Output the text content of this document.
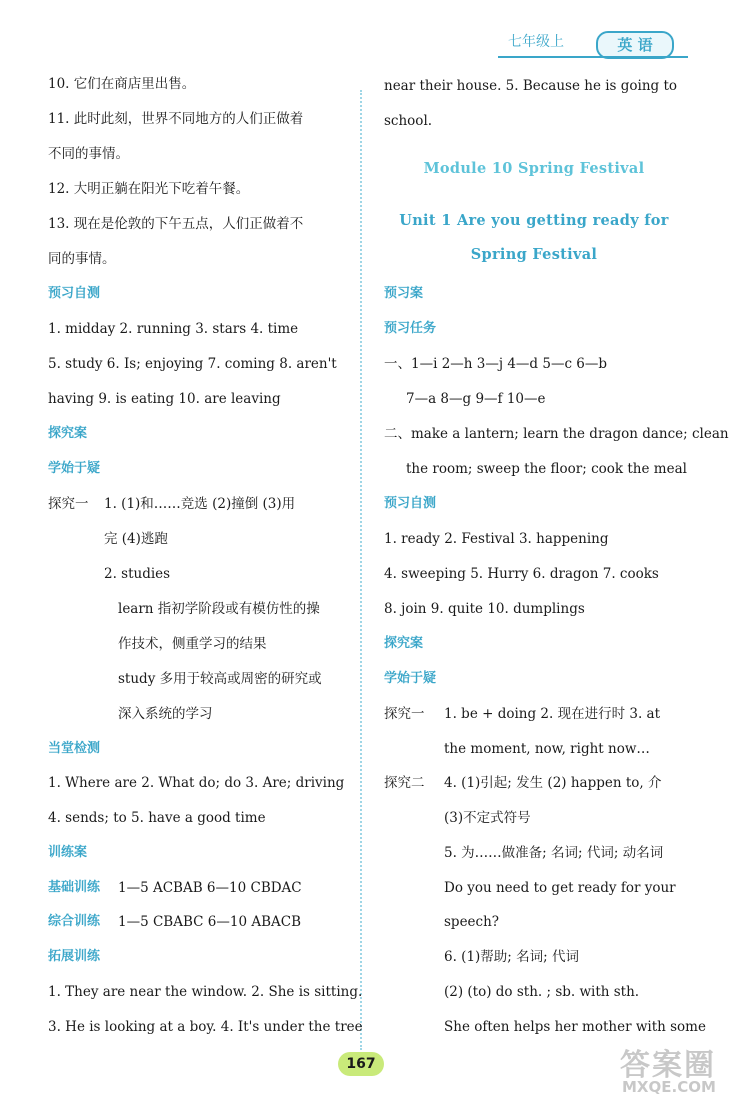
七年级上	英 语
10. 它们在商店里出售。
11. 此时此刻，世界不同地方的人们正做着
不同的事情。
12. 大明正躺在阳光下吃着午餐。
13. 现在是伦敦的下午五点，人们正做着不
同的事情。
预习自测
1. midday 2. running 3. stars 4. time
5. study 6. Is; enjoying 7. coming 8. aren't
having 9. is eating 10. are leaving
探究案
学始于疑
探究一 1. (1)和……竞选 (2)撞倒 (3)用
完 (4)逃跑
2. studies
learn 指初学阶段或有模仿性的操
作技术，侧重学习的结果
study 多用于较高或周密的研究或
深入系统的学习
当堂检测
1. Where are 2. What do; do 3. Are; driving
4. sends; to 5. have a good time
训练案
基础训练 1—5 ACBAB 6—10 CBDAC
综合训练 1—5 CBABC 6—10 ABACB
拓展训练
1. They are near the window. 2. She is sitting.
3. He is looking at a boy. 4. It's under the tree
near their house. 5. Because he is going to
school.
Module 10 Spring Festival
Unit 1 Are you getting ready for
Spring Festival
预习案
预习任务
一、1—i 2—h 3—j 4—d 5—c 6—b
7—a 8—g 9—f 10—e
二、make a lantern; learn the dragon dance; clean
the room; sweep the floor; cook the meal
预习自测
1. ready 2. Festival 3. happening
4. sweeping 5. Hurry 6. dragon 7. cooks
8. join 9. quite 10. dumplings
探究案
学始于疑
探究一 1. be + doing 2. 现在进行时 3. at
the moment, now, right now…
探究二 4. (1)引起; 发生 (2) happen to, 介
(3)不定式符号
5. 为……做准备; 名词; 代词; 动名词
Do you need to get ready for your
speech?
6. (1)帮助; 名词; 代词
(2) (to) do sth. ; sb. with sth.
She often helps her mother with some
167	答案圈
MXQE.COM
